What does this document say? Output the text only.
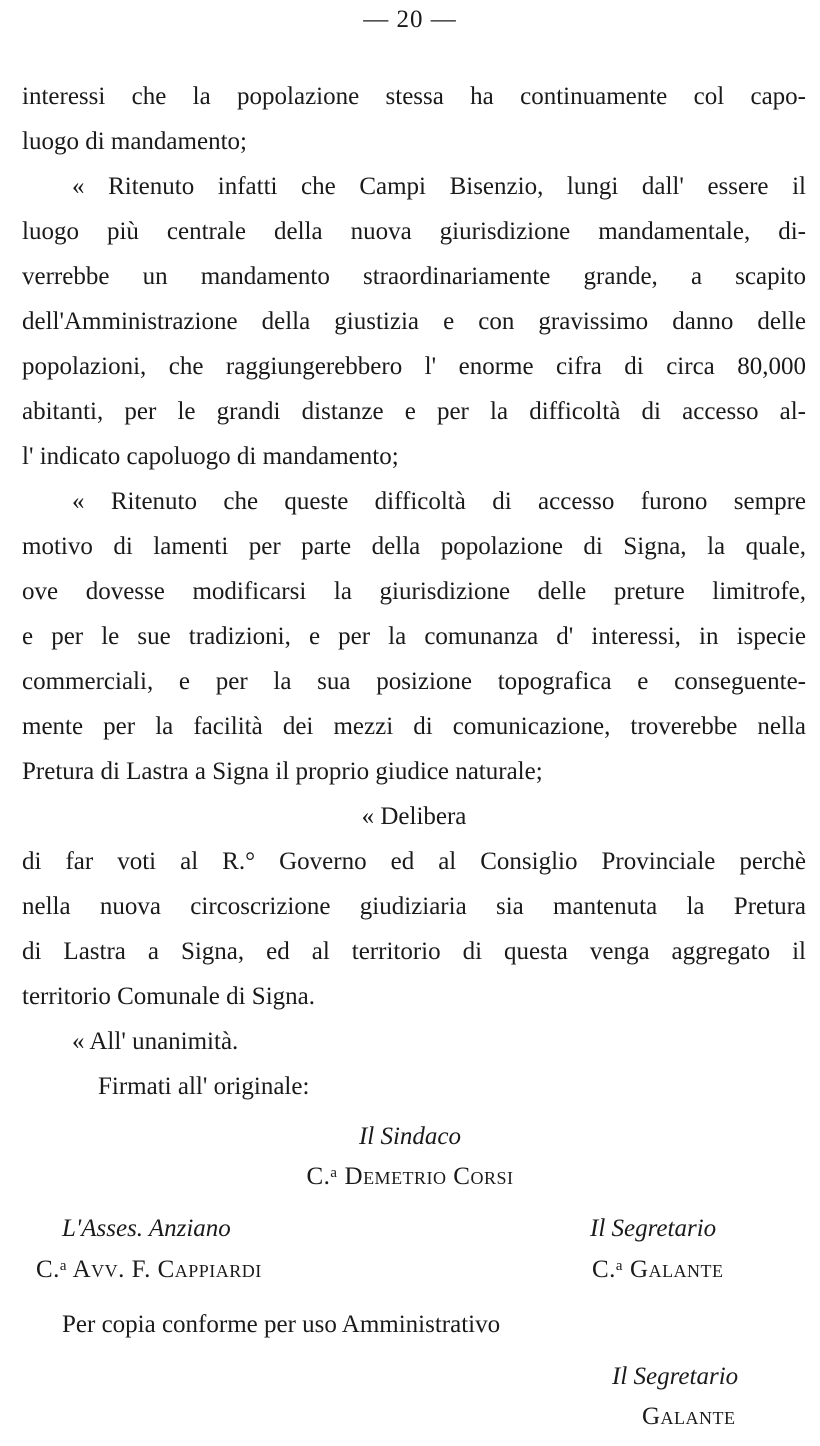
— 20 —
interessi che la popolazione stessa ha continuamente col capo-
luogo di mandamento;
« Ritenuto infatti che Campi Bisenzio, lungi dall' essere il
luogo più centrale della nuova giurisdizione mandamentale, di-
verrebbe un mandamento straordinariamente grande, a scapito
dell'Amministrazione della giustizia e con gravissimo danno delle
popolazioni, che raggiungerebbero l' enorme cifra di circa 80,000
abitanti, per le grandi distanze e per la difficoltà di accesso al-
l' indicato capoluogo di mandamento;
« Ritenuto che queste difficoltà di accesso furono sempre
motivo di lamenti per parte della popolazione di Signa, la quale,
ove dovesse modificarsi la giurisdizione delle preture limitrofe,
e per le sue tradizioni, e per la comunanza d' interessi, in ispecie
commerciali, e per la sua posizione topografica e conseguente-
mente per la facilità dei mezzi di comunicazione, troverebbe nella
Pretura di Lastra a Signa il proprio giudice naturale;
« Delibera
di far voti al R.° Governo ed al Consiglio Provinciale perchè
nella nuova circoscrizione giudiziaria sia mantenuta la Pretura
di Lastra a Signa, ed al territorio di questa venga aggregato il
territorio Comunale di Signa.
« All' unanimità.
Firmati all' originale:
Il Sindaco
C.ᵃ Demetrio Corsi
L'Asses. Anziano
C.ᵃ Avv. F. Cappiardi
Il Segretario
C.ᵃ Galante
Per copia conforme per uso Amministrativo
Il Segretario
Galante
